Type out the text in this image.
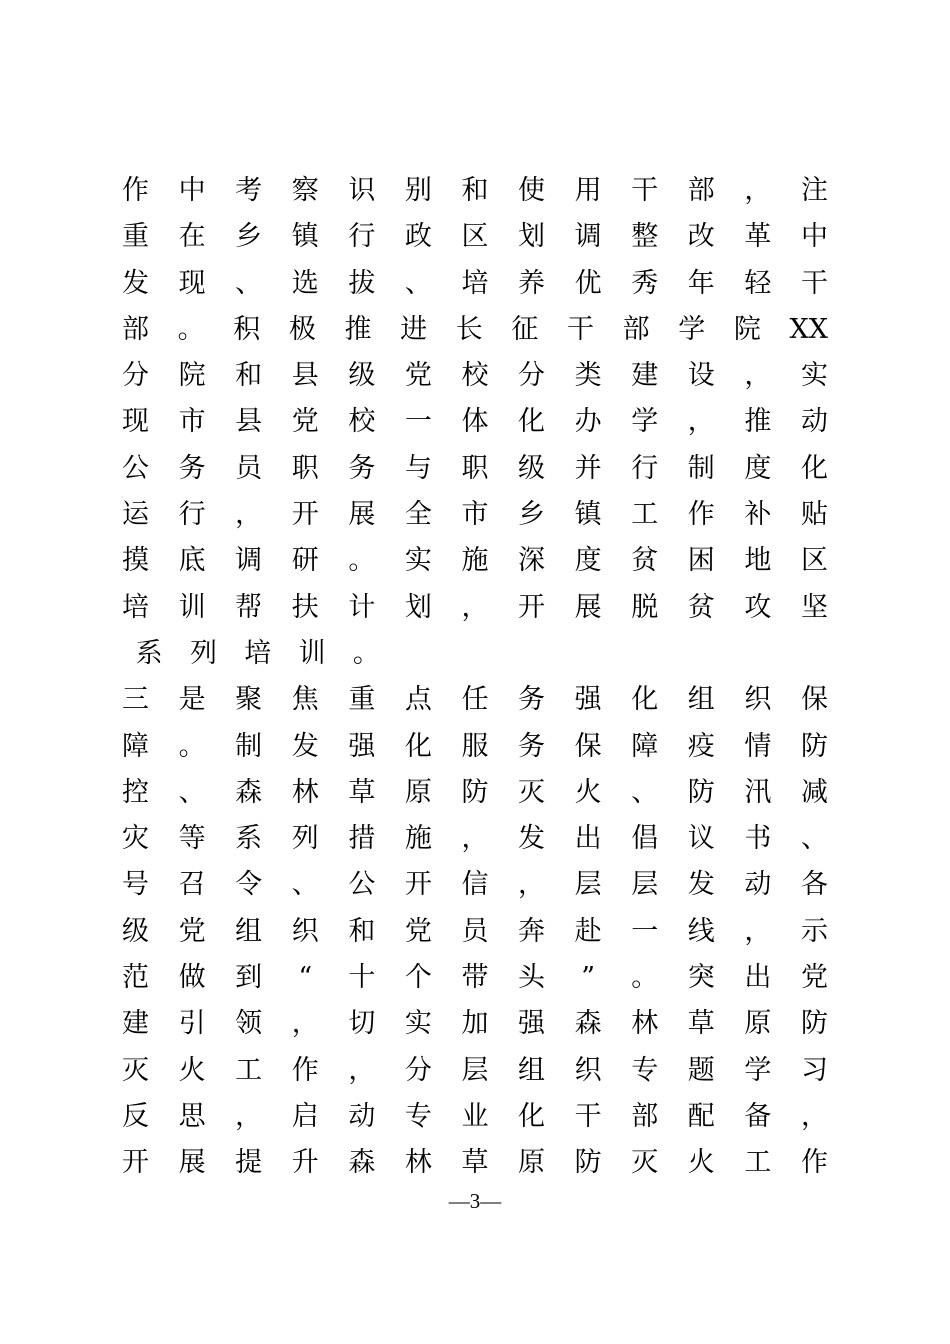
作 中 考 察 识 别 和 使 用 干 部 ， 注
重 在 乡 镇 行 政 区 划 调 整 改 革 中
发 现 、 选 拔 、 培 养 优 秀 年 轻 干
部 。 积 极 推 进 长 征 干 部 学 院 XX
分 院 和 县 级 党 校 分 类 建 设 ， 实
现 市 县 党 校 一 体 化 办 学 ， 推 动
公 务 员 职 务 与 职 级 并 行 制 度 化
运 行 ， 开 展 全 市 乡 镇 工 作 补 贴
摸 底 调 研 。 实 施 深 度 贫 困 地 区
培 训 帮 扶 计 划 ， 开 展 脱 贫 攻 坚
系	列	培	训	。
三 是 聚 焦 重 点 任 务 强 化 组 织 保
障 。 制 发 强 化 服 务 保 障 疫 情 防
控 、 森 林 草 原 防 灭 火 、 防 汛 减
灾 等 系 列 措 施 ， 发 出 倡 议 书 、
号 召 令 、 公 开 信 ， 层 层 发 动 各
级 党 组 织 和 党 员 奔 赴 一 线 ， 示
范 做 到 “ 十 个 带 头 ” 。 突 出 党
建 引 领 ， 切 实 加 强 森 林 草 原 防
灭 火 工 作 ， 分 层 组 织 专 题 学 习
反 思 ， 启 动 专 业 化 干 部 配 备 ，
开 展 提 升 森 林 草 原 防 灭 火 工 作
—3—
